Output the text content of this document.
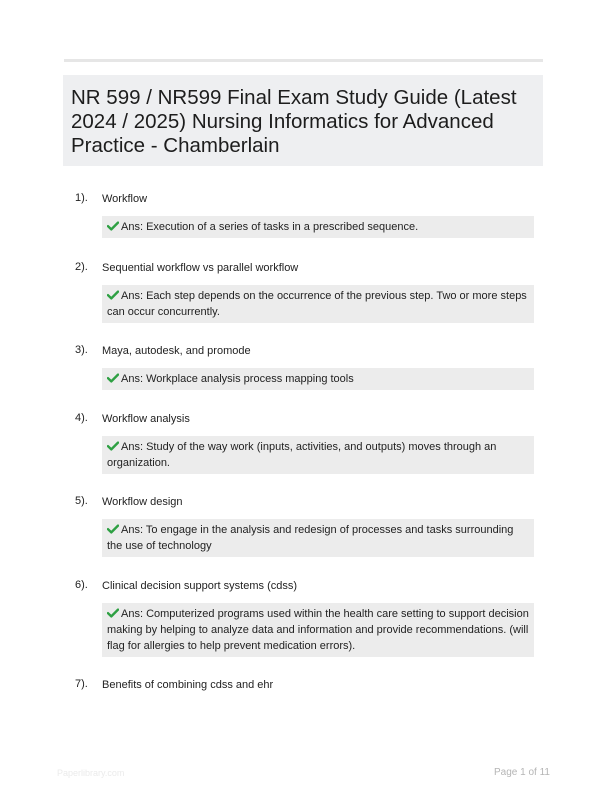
NR 599 / NR599 Final Exam Study Guide (Latest 2024 / 2025) Nursing Informatics for Advanced Practice - Chamberlain
1). Workflow
Ans: Execution of a series of tasks in a prescribed sequence.
2). Sequential workflow vs parallel workflow
Ans: Each step depends on the occurrence of the previous step. Two or more steps can occur concurrently.
3). Maya, autodesk, and promode
Ans: Workplace analysis process mapping tools
4). Workflow analysis
Ans: Study of the way work (inputs, activities, and outputs) moves through an organization.
5). Workflow design
Ans: To engage in the analysis and redesign of processes and tasks surrounding the use of technology
6). Clinical decision support systems (cdss)
Ans: Computerized programs used within the health care setting to support decision making by helping to analyze data and information and provide recommendations. (will flag for allergies to help prevent medication errors).
7). Benefits of combining cdss and ehr
Paperlibrary.com	Page 1 of 11
